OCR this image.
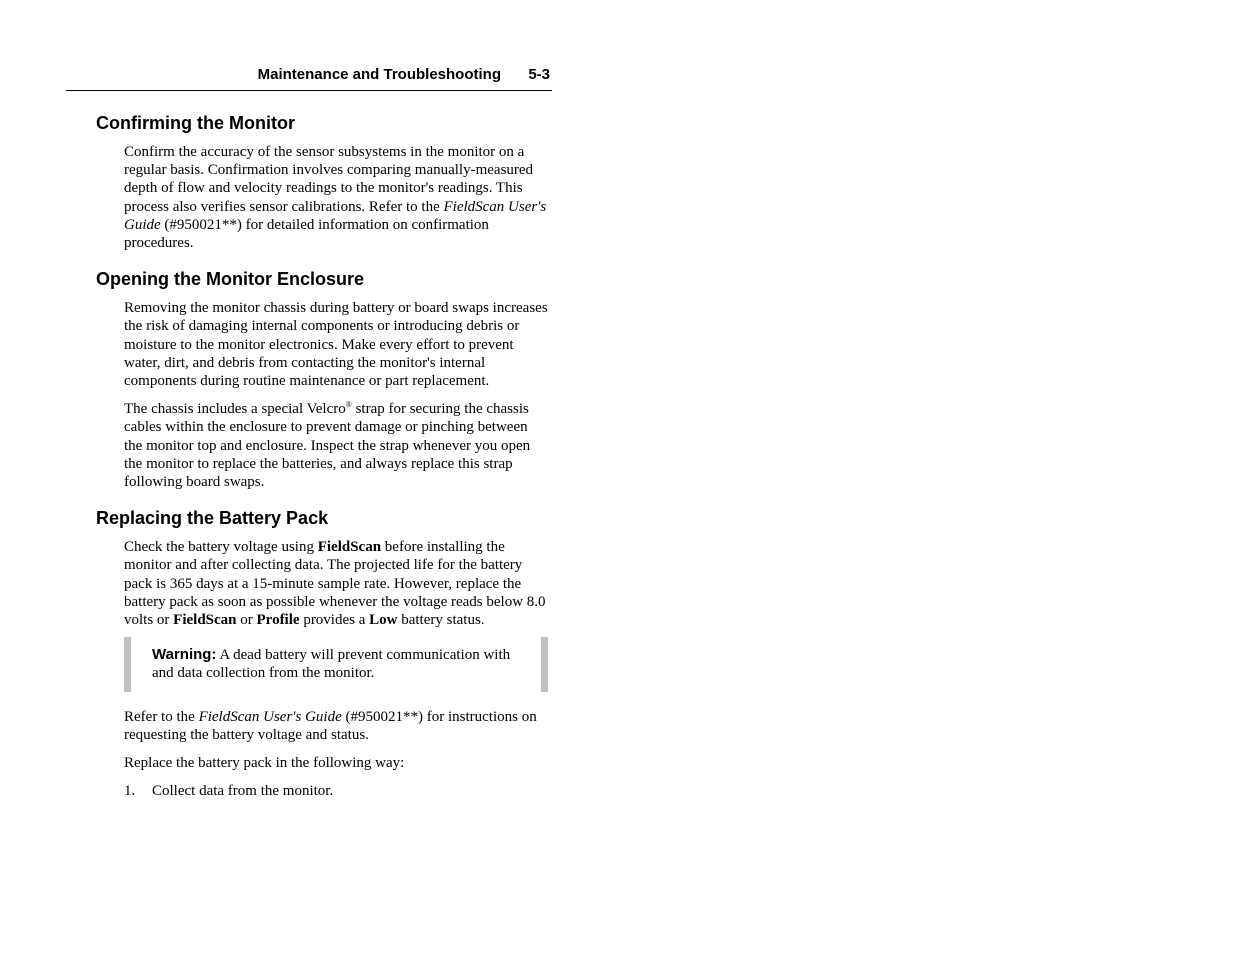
Maintenance and Troubleshooting 5-3
Confirming the Monitor

Confirm the accuracy of the sensor subsystems in the monitor on a regular basis. Confirmation involves comparing manually-measured depth of flow and velocity readings to the monitor's readings. This process also verifies sensor calibrations. Refer to the FieldScan User's Guide (#950021**) for detailed information on confirmation procedures.

Opening the Monitor Enclosure

Removing the monitor chassis during battery or board swaps increases the risk of damaging internal components or introducing debris or moisture to the monitor electronics. Make every effort to prevent water, dirt, and debris from contacting the monitor's internal components during routine maintenance or part replacement.

The chassis includes a special Velcro® strap for securing the chassis cables within the enclosure to prevent damage or pinching between the monitor top and enclosure. Inspect the strap whenever you open the monitor to replace the batteries, and always replace this strap following board swaps.

Replacing the Battery Pack

Check the battery voltage using FieldScan before installing the monitor and after collecting data. The projected life for the battery pack is 365 days at a 15-minute sample rate. However, replace the battery pack as soon as possible whenever the voltage reads below 8.0 volts or FieldScan or Profile provides a Low battery status.

Warning: A dead battery will prevent communication with and data collection from the monitor.

Refer to the FieldScan User's Guide (#950021**) for instructions on requesting the battery voltage and status.

Replace the battery pack in the following way:

1. Collect data from the monitor.
